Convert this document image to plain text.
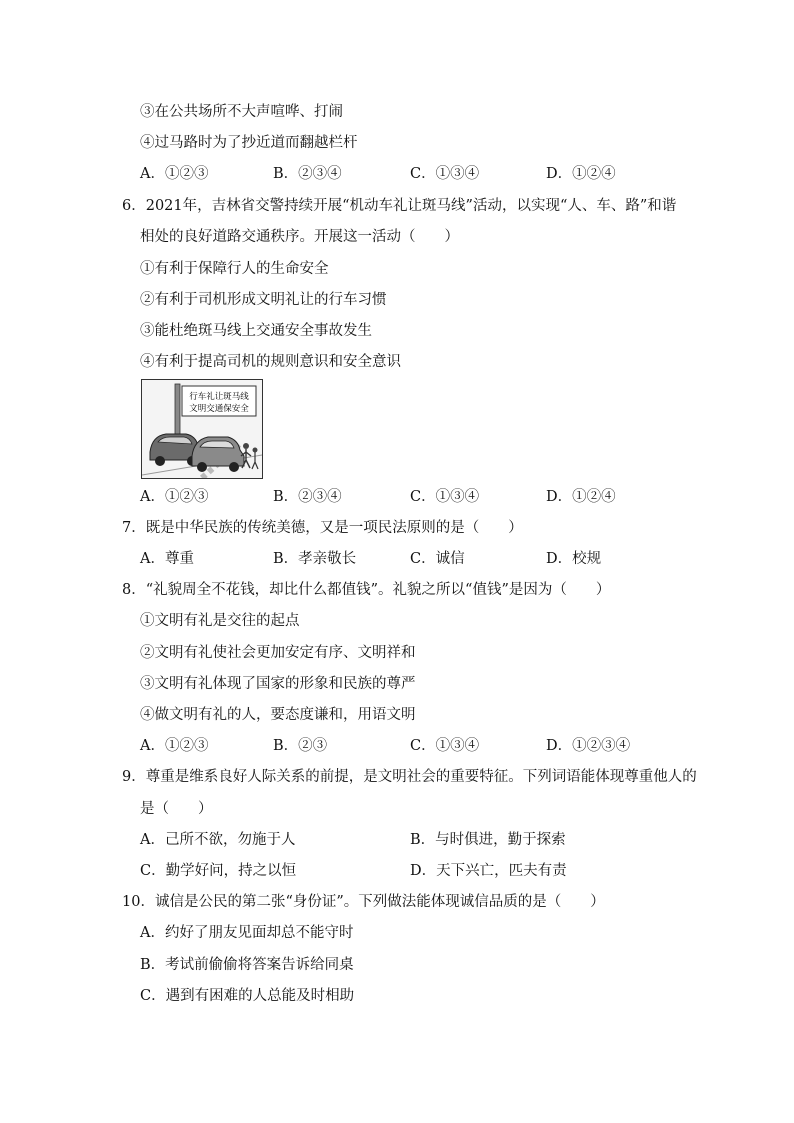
③在公共场所不大声喧哗、打闹
④过马路时为了抄近道而翻越栏杆
A．①②③	B．②③④	C．①③④	D．①②④
6．2021年，吉林省交警持续开展“机动车礼让斑马线”活动，以实现“人、车、路”和谐
相处的良好道路交通秩序。开展这一活动（　　）
①有利于保障行人的生命安全
②有利于司机形成文明礼让的行车习惯
③能杜绝斑马线上交通安全事故发生
④有利于提高司机的规则意识和安全意识
行车礼让斑马线
文明交通保安全
A．①②③	B．②③④	C．①③④	D．①②④
7．既是中华民族的传统美德，又是一项民法原则的是（　　）
A．尊重	B．孝亲敬长	C．诚信	D．校规
8．“礼貌周全不花钱，却比什么都值钱”。礼貌之所以“值钱”是因为（　　）
①文明有礼是交往的起点
②文明有礼使社会更加安定有序、文明祥和
③文明有礼体现了国家的形象和民族的尊严
④做文明有礼的人，要态度谦和，用语文明
A．①②③	B．②③	C．①③④	D．①②③④
9．尊重是维系良好人际关系的前提，是文明社会的重要特征。下列词语能体现尊重他人的
是（　　）
A．己所不欲，勿施于人	B．与时俱进，勤于探索
C．勤学好问，持之以恒	D．天下兴亡，匹夫有责
10．诚信是公民的第二张“身份证”。下列做法能体现诚信品质的是（　　）
A．约好了朋友见面却总不能守时
B．考试前偷偷将答案告诉给同桌
C．遇到有困难的人总能及时相助
